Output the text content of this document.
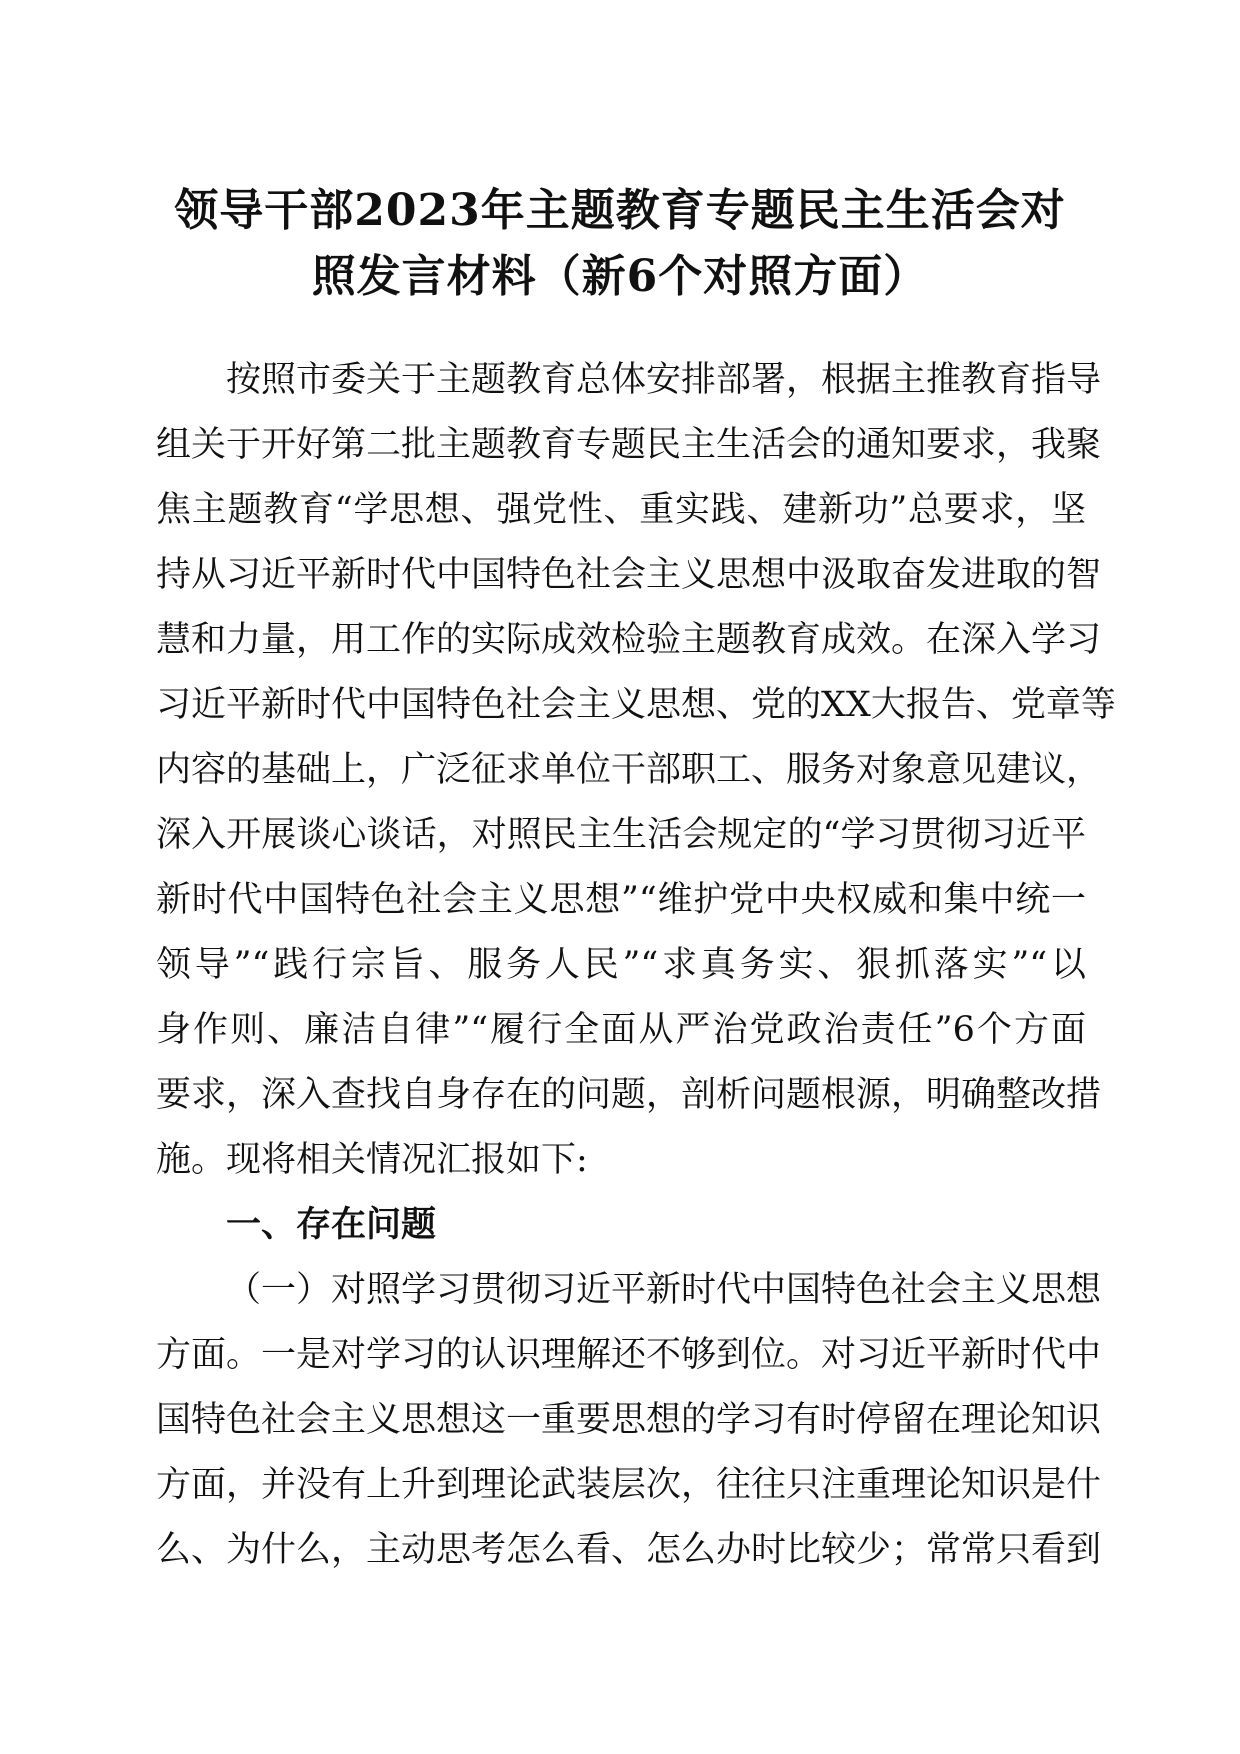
领导干部2023年主题教育专题民主生活会对
照发言材料（新6个对照方面）
按照市委关于主题教育总体安排部署，根据主推教育指导
组关于开好第二批主题教育专题民主生活会的通知要求，我聚
焦主题教育“学思想、强党性、重实践、建新功”总要求，坚
持从习近平新时代中国特色社会主义思想中汲取奋发进取的智
慧和力量，用工作的实际成效检验主题教育成效。在深入学习
习近平新时代中国特色社会主义思想、党的XX大报告、党章等
内容的基础上，广泛征求单位干部职工、服务对象意见建议，
深入开展谈心谈话，对照民主生活会规定的“学习贯彻习近平
新时代中国特色社会主义思想”“维护党中央权威和集中统一
领导”“践行宗旨、服务人民”“求真务实、狠抓落实”“以
身作则、廉洁自律”“履行全面从严治党政治责任”6个方面
要求，深入查找自身存在的问题，剖析问题根源，明确整改措
施。现将相关情况汇报如下:
一、存在问题
（一）对照学习贯彻习近平新时代中国特色社会主义思想
方面。一是对学习的认识理解还不够到位。对习近平新时代中
国特色社会主义思想这一重要思想的学习有时停留在理论知识
方面，并没有上升到理论武装层次，往往只注重理论知识是什
么、为什么，主动思考怎么看、怎么办时比较少；常常只看到
